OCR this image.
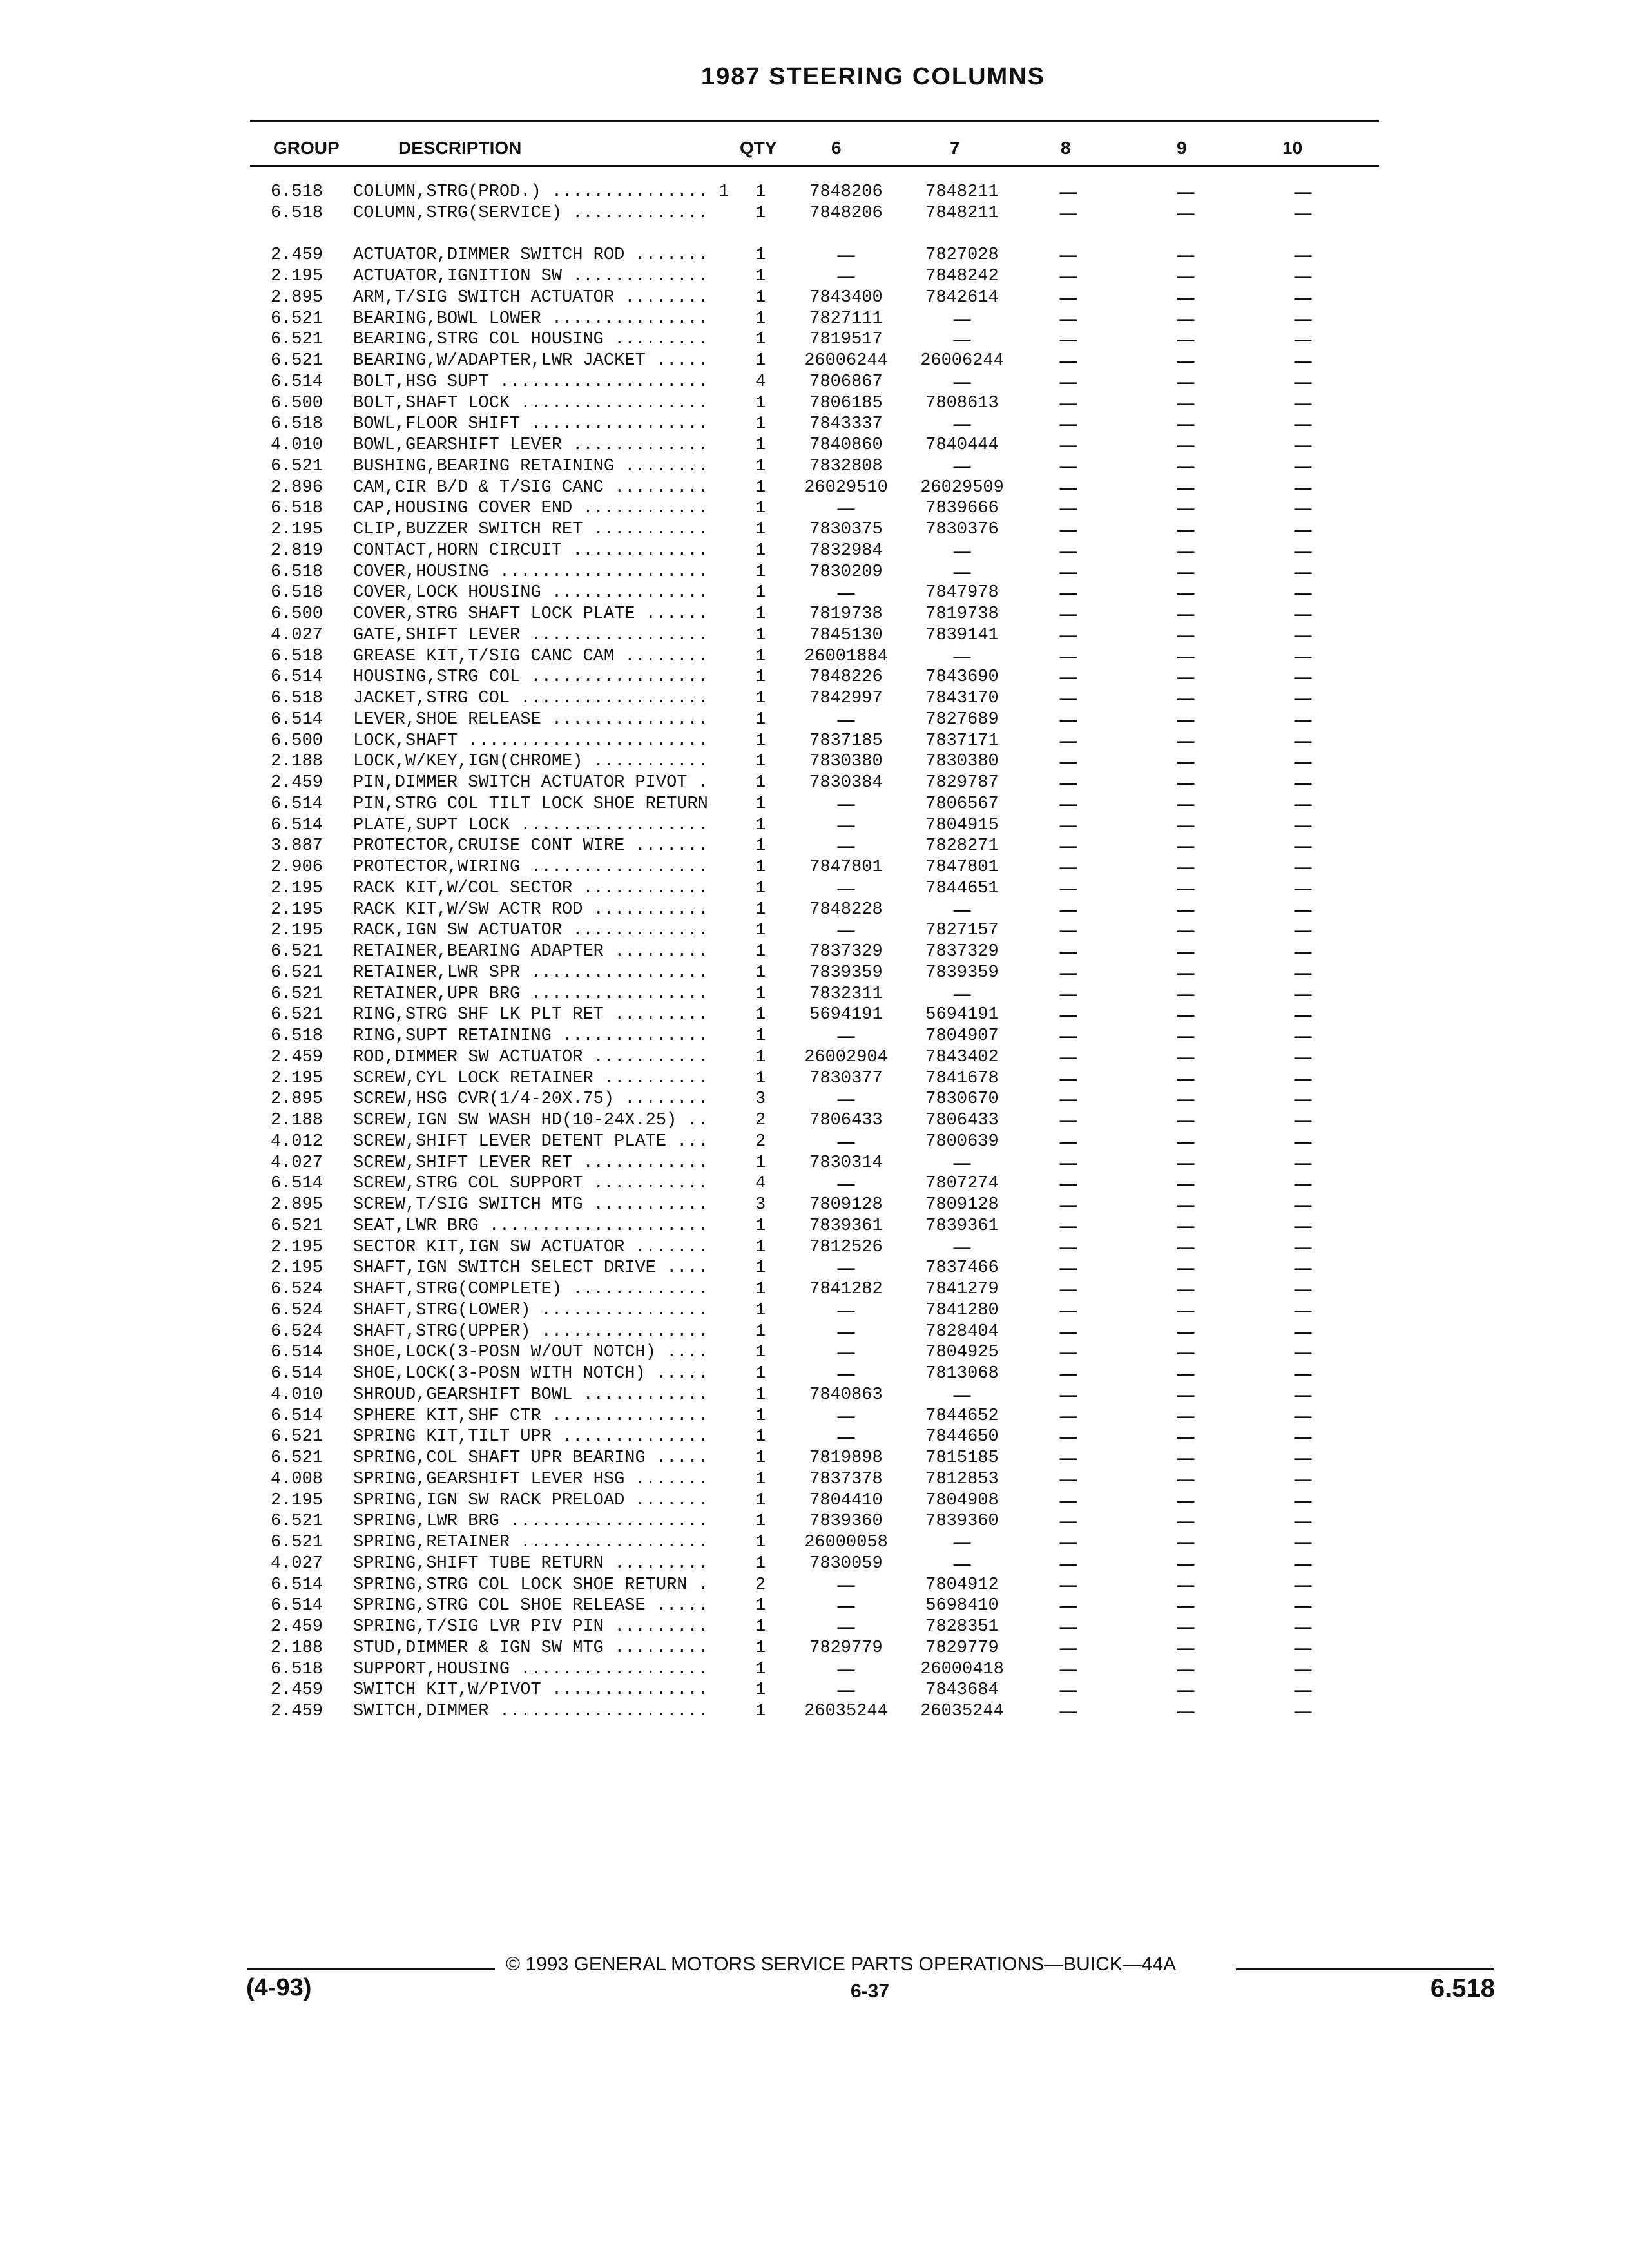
1987 STEERING COLUMNS
GROUP	DESCRIPTION	QTY	6	7	8	9	10
6.518	COLUMN,STRG(PROD.) ............... 1	1	7848206	7848211	—	—	—
6.518	COLUMN,STRG(SERVICE) .............	1	7848206	7848211	—	—	—
2.459	ACTUATOR,DIMMER SWITCH ROD .......	1	—	7827028	—	—	—
2.195	ACTUATOR,IGNITION SW .............	1	—	7848242	—	—	—
2.895	ARM,T/SIG SWITCH ACTUATOR ........	1	7843400	7842614	—	—	—
6.521	BEARING,BOWL LOWER ...............	1	7827111	—	—	—	—
6.521	BEARING,STRG COL HOUSING .........	1	7819517	—	—	—	—
6.521	BEARING,W/ADAPTER,LWR JACKET .....	1	26006244	26006244	—	—	—
6.514	BOLT,HSG SUPT ....................	4	7806867	—	—	—	—
6.500	BOLT,SHAFT LOCK ..................	1	7806185	7808613	—	—	—
6.518	BOWL,FLOOR SHIFT .................	1	7843337	—	—	—	—
4.010	BOWL,GEARSHIFT LEVER .............	1	7840860	7840444	—	—	—
6.521	BUSHING,BEARING RETAINING ........	1	7832808	—	—	—	—
2.896	CAM,CIR B/D & T/SIG CANC .........	1	26029510	26029509	—	—	—
6.518	CAP,HOUSING COVER END ............	1	—	7839666	—	—	—
2.195	CLIP,BUZZER SWITCH RET ...........	1	7830375	7830376	—	—	—
2.819	CONTACT,HORN CIRCUIT .............	1	7832984	—	—	—	—
6.518	COVER,HOUSING ....................	1	7830209	—	—	—	—
6.518	COVER,LOCK HOUSING ...............	1	—	7847978	—	—	—
6.500	COVER,STRG SHAFT LOCK PLATE ......	1	7819738	7819738	—	—	—
4.027	GATE,SHIFT LEVER .................	1	7845130	7839141	—	—	—
6.518	GREASE KIT,T/SIG CANC CAM ........	1	26001884	—	—	—	—
6.514	HOUSING,STRG COL .................	1	7848226	7843690	—	—	—
6.518	JACKET,STRG COL ..................	1	7842997	7843170	—	—	—
6.514	LEVER,SHOE RELEASE ...............	1	—	7827689	—	—	—
6.500	LOCK,SHAFT .......................	1	7837185	7837171	—	—	—
2.188	LOCK,W/KEY,IGN(CHROME) ...........	1	7830380	7830380	—	—	—
2.459	PIN,DIMMER SWITCH ACTUATOR PIVOT .	1	7830384	7829787	—	—	—
6.514	PIN,STRG COL TILT LOCK SHOE RETURN	1	—	7806567	—	—	—
6.514	PLATE,SUPT LOCK ..................	1	—	7804915	—	—	—
3.887	PROTECTOR,CRUISE CONT WIRE .......	1	—	7828271	—	—	—
2.906	PROTECTOR,WIRING .................	1	7847801	7847801	—	—	—
2.195	RACK KIT,W/COL SECTOR ............	1	—	7844651	—	—	—
2.195	RACK KIT,W/SW ACTR ROD ...........	1	7848228	—	—	—	—
2.195	RACK,IGN SW ACTUATOR .............	1	—	7827157	—	—	—
6.521	RETAINER,BEARING ADAPTER .........	1	7837329	7837329	—	—	—
6.521	RETAINER,LWR SPR .................	1	7839359	7839359	—	—	—
6.521	RETAINER,UPR BRG .................	1	7832311	—	—	—	—
6.521	RING,STRG SHF LK PLT RET .........	1	5694191	5694191	—	—	—
6.518	RING,SUPT RETAINING ..............	1	—	7804907	—	—	—
2.459	ROD,DIMMER SW ACTUATOR ...........	1	26002904	7843402	—	—	—
2.195	SCREW,CYL LOCK RETAINER ..........	1	7830377	7841678	—	—	—
2.895	SCREW,HSG CVR(1/4-20X.75) ........	3	—	7830670	—	—	—
2.188	SCREW,IGN SW WASH HD(10-24X.25) ..	2	7806433	7806433	—	—	—
4.012	SCREW,SHIFT LEVER DETENT PLATE ...	2	—	7800639	—	—	—
4.027	SCREW,SHIFT LEVER RET ............	1	7830314	—	—	—	—
6.514	SCREW,STRG COL SUPPORT ...........	4	—	7807274	—	—	—
2.895	SCREW,T/SIG SWITCH MTG ...........	3	7809128	7809128	—	—	—
6.521	SEAT,LWR BRG .....................	1	7839361	7839361	—	—	—
2.195	SECTOR KIT,IGN SW ACTUATOR .......	1	7812526	—	—	—	—
2.195	SHAFT,IGN SWITCH SELECT DRIVE ....	1	—	7837466	—	—	—
6.524	SHAFT,STRG(COMPLETE) .............	1	7841282	7841279	—	—	—
6.524	SHAFT,STRG(LOWER) ................	1	—	7841280	—	—	—
6.524	SHAFT,STRG(UPPER) ................	1	—	7828404	—	—	—
6.514	SHOE,LOCK(3-POSN W/OUT NOTCH) ....	1	—	7804925	—	—	—
6.514	SHOE,LOCK(3-POSN WITH NOTCH) .....	1	—	7813068	—	—	—
4.010	SHROUD,GEARSHIFT BOWL ............	1	7840863	—	—	—	—
6.514	SPHERE KIT,SHF CTR ...............	1	—	7844652	—	—	—
6.521	SPRING KIT,TILT UPR ..............	1	—	7844650	—	—	—
6.521	SPRING,COL SHAFT UPR BEARING .....	1	7819898	7815185	—	—	—
4.008	SPRING,GEARSHIFT LEVER HSG .......	1	7837378	7812853	—	—	—
2.195	SPRING,IGN SW RACK PRELOAD .......	1	7804410	7804908	—	—	—
6.521	SPRING,LWR BRG ...................	1	7839360	7839360	—	—	—
6.521	SPRING,RETAINER ..................	1	26000058	—	—	—	—
4.027	SPRING,SHIFT TUBE RETURN .........	1	7830059	—	—	—	—
6.514	SPRING,STRG COL LOCK SHOE RETURN .	2	—	7804912	—	—	—
6.514	SPRING,STRG COL SHOE RELEASE .....	1	—	5698410	—	—	—
2.459	SPRING,T/SIG LVR PIV PIN .........	1	—	7828351	—	—	—
2.188	STUD,DIMMER & IGN SW MTG .........	1	7829779	7829779	—	—	—
6.518	SUPPORT,HOUSING ..................	1	—	26000418	—	—	—
2.459	SWITCH KIT,W/PIVOT ...............	1	—	7843684	—	—	—
2.459	SWITCH,DIMMER ....................	1	26035244	26035244	—	—	—
© 1993 GENERAL MOTORS SERVICE PARTS OPERATIONS—BUICK—44A
(4-93)	6-37	6.518
